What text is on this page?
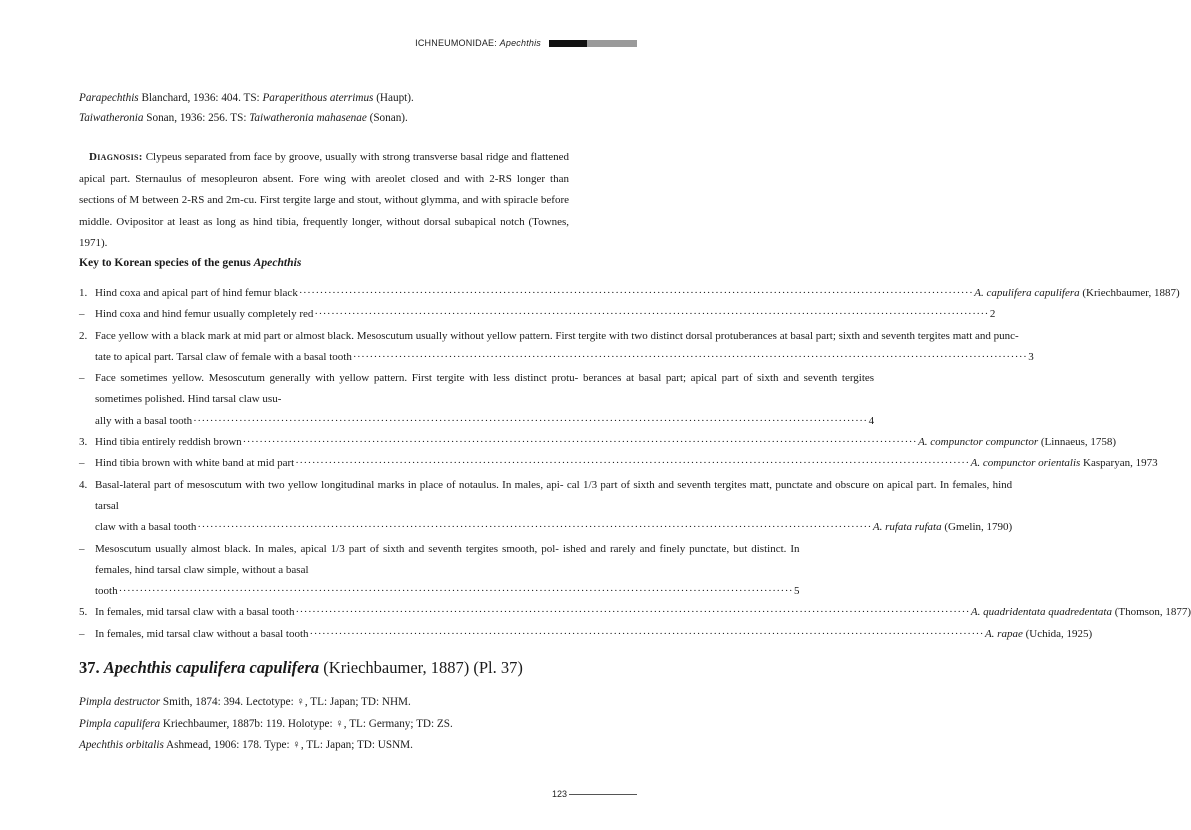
ICHNEUMONIDAE: Apechthis
Parapechthis Blanchard, 1936: 404. TS: Paraperithous aterrimus (Haupt).
Taiwatheronia Sonan, 1936: 256. TS: Taiwatheronia mahasenae (Sonan).
Diagnosis: Clypeus separated from face by groove, usually with strong transverse basal ridge and flattened apical part. Sternaulus of mesopleuron absent. Fore wing with areolet closed and with 2-RS longer than sections of M between 2-RS and 2m-cu. First tergite large and stout, without glymma, and with spiracle before middle. Ovipositor at least as long as hind tibia, frequently longer, without dorsal subapical notch (Townes, 1971).
Key to Korean species of the genus Apechthis
1. Hind coxa and apical part of hind femur black ·····	A. capulifera capulifera (Kriechbaumer, 1887)
– Hind coxa and hind femur usually completely red ·····	2
2. Face yellow with a black mark at mid part or almost black. Mesoscutum usually without yellow pattern. First tergite with two distinct dorsal protuberances at basal part; sixth and seventh tergites matt and punc-
tate to apical part. Tarsal claw of female with a basal tooth ·····	3
– Face sometimes yellow. Mesoscutum generally with yellow pattern. First tergite with less distinct protu- berances at basal part; apical part of sixth and seventh tergites sometimes polished. Hind tarsal claw usu-
ally with a basal tooth ·····	4
3. Hind tibia entirely reddish brown ·····	A. compunctor compunctor (Linnaeus, 1758)
– Hind tibia brown with white band at mid part ·····	A. compunctor orientalis Kasparyan, 1973
4. Basal-lateral part of mesoscutum with two yellow longitudinal marks in place of notaulus. In males, api- cal 1/3 part of sixth and seventh tergites matt, punctate and obscure on apical part. In females, hind tarsal
claw with a basal tooth ·····	A. rufata rufata (Gmelin, 1790)
– Mesoscutum usually almost black. In males, apical 1/3 part of sixth and seventh tergites smooth, pol- ished and rarely and finely punctate, but distinct. In females, hind tarsal claw simple, without a basal
tooth ·····	5
5. In females, mid tarsal claw with a basal tooth ·····	A. quadridentata quadredentata (Thomson, 1877)
– In females, mid tarsal claw without a basal tooth ·····	A. rapae (Uchida, 1925)
37. Apechthis capulifera capulifera (Kriechbaumer, 1887) (Pl. 37)
Pimpla destructor Smith, 1874: 394. Lectotype: ♀, TL: Japan; TD: NHM.
Pimpla capulifera Kriechbaumer, 1887b: 119. Holotype: ♀, TL: Germany; TD: ZS.
Apechthis orbitalis Ashmead, 1906: 178. Type: ♀, TL: Japan; TD: USNM.
123
